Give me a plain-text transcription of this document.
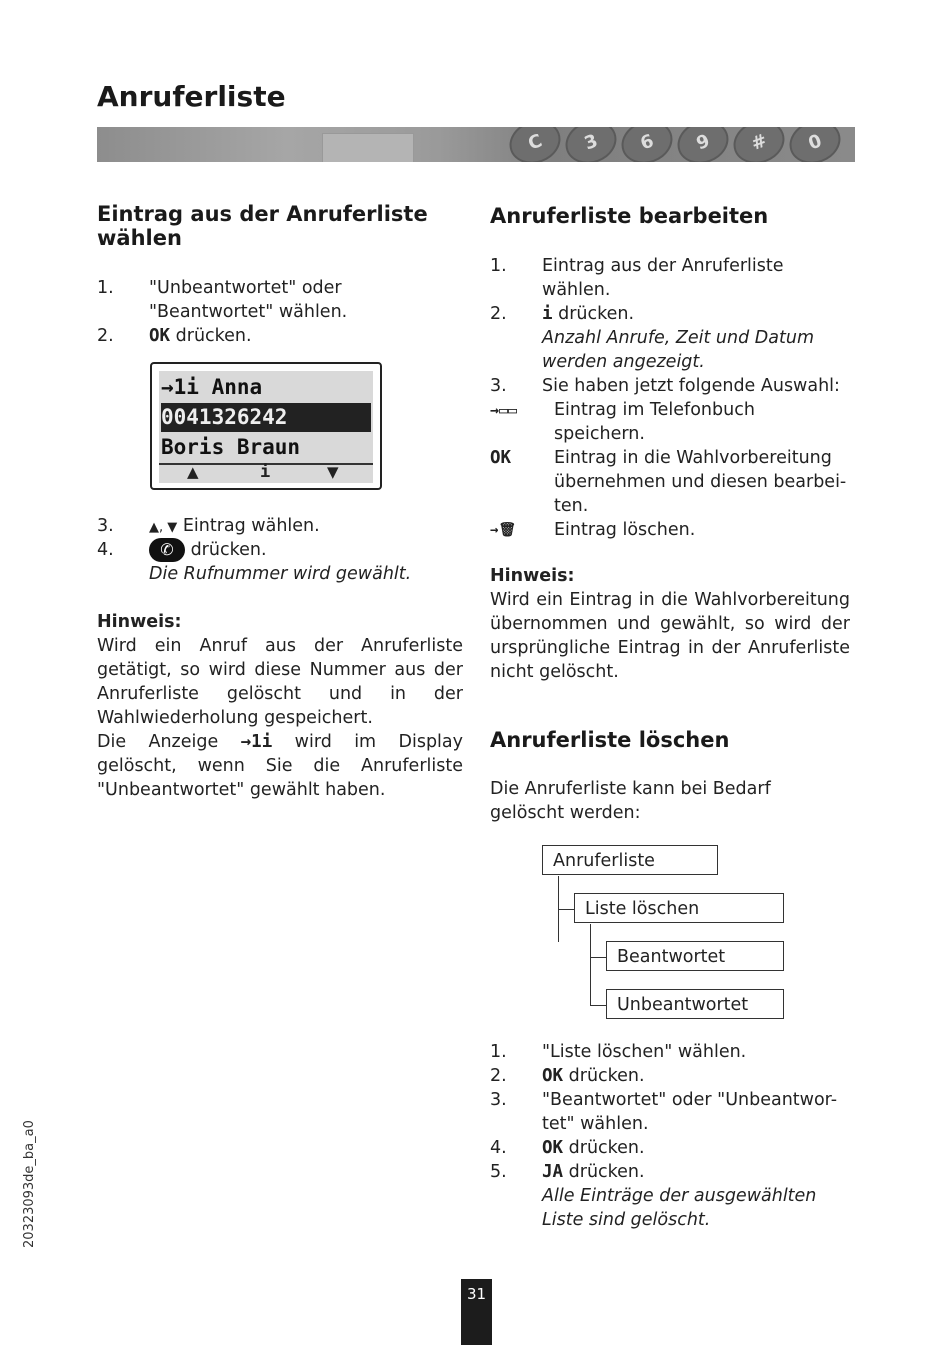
Anruferliste
C	3	6	9	#	0
Eintrag aus der Anruferliste wählen
1. "Unbeantwortet" oder
"Beantwortet" wählen.
2. OK drücken.
→1i Anna
0041326242
Boris Braun
▲	i	▼
3.	▲, ▼ Eintrag wählen.
4.	✆ drücken.
Die Rufnummer wird gewählt.
Hinweis:
Wird ein Anruf aus der Anruferliste getätigt, so wird diese Nummer aus der Anruferliste gelöscht und in der Wahlwiederholung gespeichert.
Die Anzeige →1i wird im Display gelöscht, wenn Sie die Anruferliste "Unbeantwortet" gewählt haben.
Anruferliste bearbeiten
1. Eintrag aus der Anruferliste
wählen.
2. i drücken.
Anzahl Anrufe, Zeit und Datum
werden angezeigt.
3. Sie haben jetzt folgende Auswahl:
→▭▭ Eintrag im Telefonbuch
speichern.
OK Eintrag in die Wahlvorbereitung
übernehmen und diesen bearbei-
ten.
→🗑 Eintrag löschen.
Hinweis:
Wird ein Eintrag in die Wahlvorbereitung übernommen und gewählt, so wird der ursprüngliche Eintrag in der Anruferliste nicht gelöscht.
Anruferliste löschen
Die Anruferliste kann bei Bedarf gelöscht werden:
Anruferliste
Liste löschen
Beantwortet
Unbeantwortet
1. "Liste löschen" wählen.
2. OK drücken.
3. "Beantwortet" oder "Unbeantwor-
tet" wählen.
4. OK drücken.
5. JA drücken.
Alle Einträge der ausgewählten
Liste sind gelöscht.
20323093de_ba_a0
31
